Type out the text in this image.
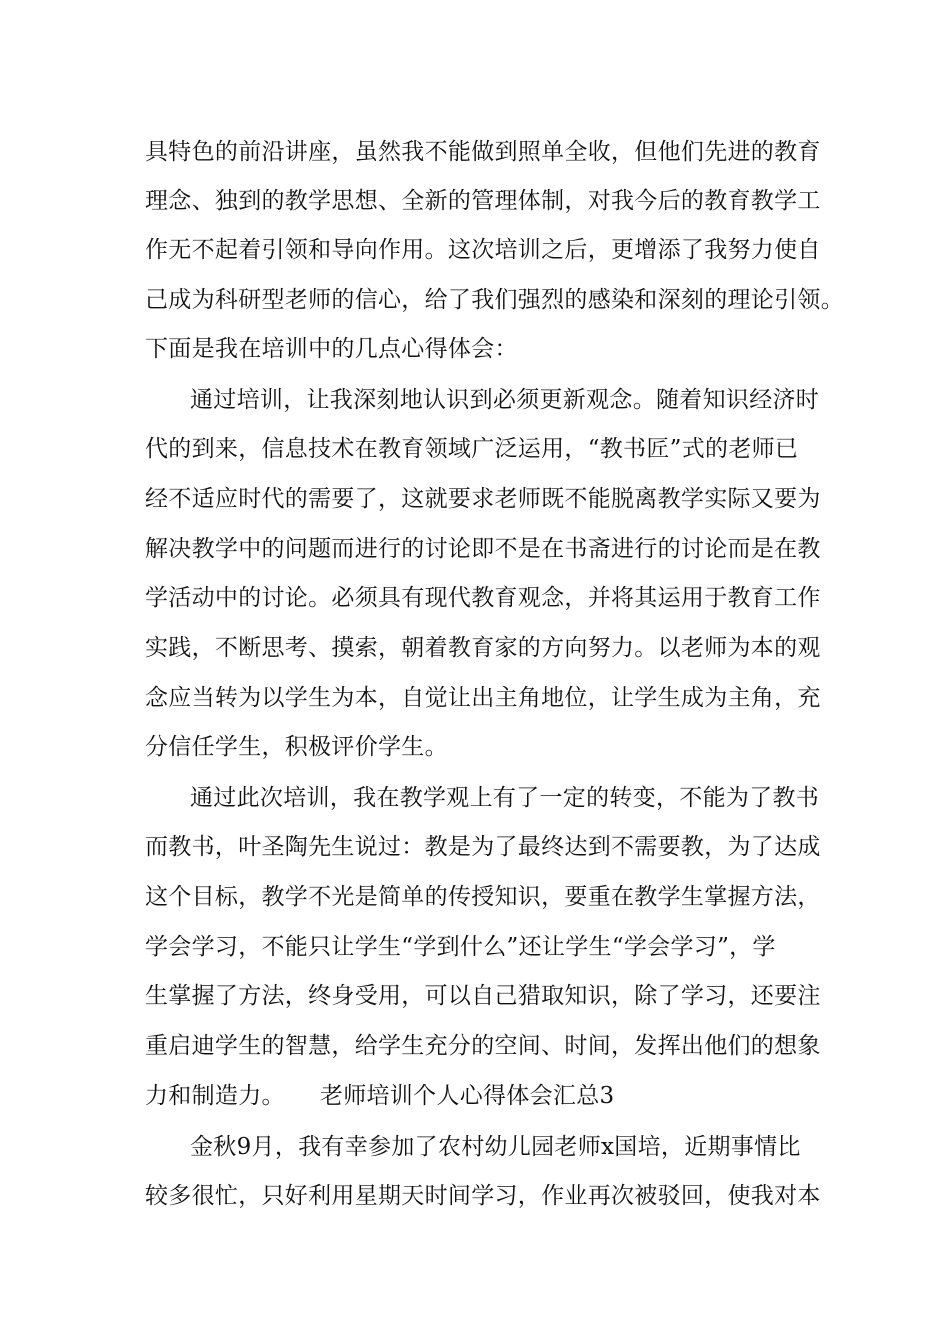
具特色的前沿讲座，虽然我不能做到照单全收，但他们先进的教育
理念、独到的教学思想、全新的管理体制，对我今后的教育教学工
作无不起着引领和导向作用。这次培训之后，更增添了我努力使自
己成为科研型老师的信心，给了我们强烈的感染和深刻的理论引领。
下面是我在培训中的几点心得体会：
通过培训，让我深刻地认识到必须更新观念。随着知识经济时
代的到来，信息技术在教育领域广泛运用，“教书匠”式的老师已
经不适应时代的需要了，这就要求老师既不能脱离教学实际又要为
解决教学中的问题而进行的讨论即不是在书斋进行的讨论而是在教
学活动中的讨论。必须具有现代教育观念，并将其运用于教育工作
实践，不断思考、摸索，朝着教育家的方向努力。以老师为本的观
念应当转为以学生为本，自觉让出主角地位，让学生成为主角，充
分信任学生，积极评价学生。
通过此次培训，我在教学观上有了一定的转变，不能为了教书
而教书，叶圣陶先生说过：教是为了最终达到不需要教，为了达成
这个目标，教学不光是简单的传授知识，要重在教学生掌握方法，
学会学习，不能只让学生“学到什么”还让学生“学会学习”，学
生掌握了方法，终身受用，可以自己猎取知识，除了学习，还要注
重启迪学生的智慧，给学生充分的空间、时间，发挥出他们的想象
力和制造力。　　老师培训个人心得体会汇总3
金秋9月，我有幸参加了农村幼儿园老师x国培，近期事情比
较多很忙，只好利用星期天时间学习，作业再次被驳回，使我对本
